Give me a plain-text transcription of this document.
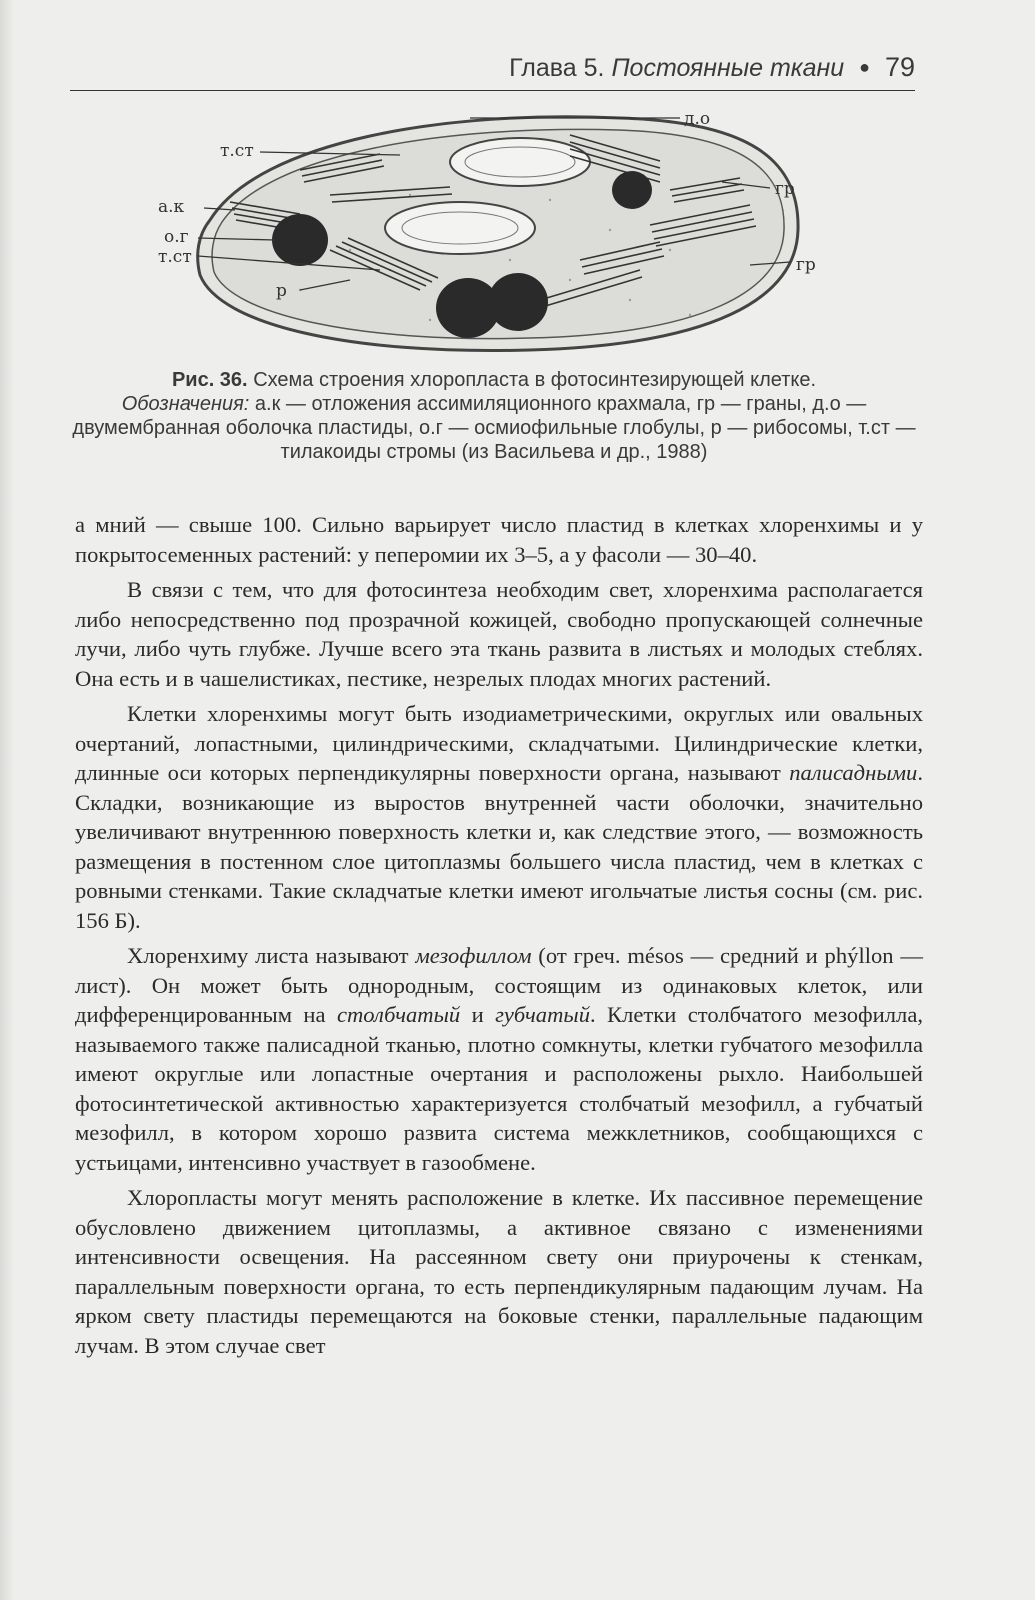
Глава 5. Постоянные ткани ● 79
т.ст
а.к
о.г
т.ст
р
д.о
гр
гр
Рис. 36. Схема строения хлоропласта в фотосинтезирующей клетке.
Обозначения: а.к — отложения ассимиляционного крахмала, гр — граны, д.о — двумембранная оболочка пластиды, о.г — осмиофильные глобулы, р — рибосомы, т.ст — тилакоиды стромы (из Васильева и др., 1988)

а мний — свыше 100. Сильно варьирует число пластид в клетках хлоренхимы и у покрытосеменных растений: у пеперомии их 3–5, а у фасоли — 30–40.

В связи с тем, что для фотосинтеза необходим свет, хлоренхима располагается либо непосредственно под прозрачной кожицей, свободно пропускающей солнечные лучи, либо чуть глубже. Лучше всего эта ткань развита в листьях и молодых стеблях. Она есть и в чашелистиках, пестике, незрелых плодах многих растений.

Клетки хлоренхимы могут быть изодиаметрическими, округлых или овальных очертаний, лопастными, цилиндрическими, складчатыми. Цилиндрические клетки, длинные оси которых перпендикулярны поверхности органа, называют палисадными. Складки, возникающие из выростов внутренней части оболочки, значительно увеличивают внутреннюю поверхность клетки и, как следствие этого, — возможность размещения в постенном слое цитоплазмы большего числа пластид, чем в клетках с ровными стенками. Такие складчатые клетки имеют игольчатые листья сосны (см. рис. 156 Б).

Хлоренхиму листа называют мезофиллом (от греч. mésos — средний и phýllon — лист). Он может быть однородным, состоящим из одинаковых клеток, или дифференцированным на столбчатый и губчатый. Клетки столбчатого мезофилла, называемого также палисадной тканью, плотно сомкнуты, клетки губчатого мезофилла имеют округлые или лопастные очертания и расположены рыхло. Наибольшей фотосинтетической активностью характеризуется столбчатый мезофилл, а губчатый мезофилл, в котором хорошо развита система межклетников, сообщающихся с устьицами, интенсивно участвует в газообмене.

Хлоропласты могут менять расположение в клетке. Их пассивное перемещение обусловлено движением цитоплазмы, а активное связано с изменениями интенсивности освещения. На рассеянном свету они приурочены к стенкам, параллельным поверхности органа, то есть перпендикулярным падающим лучам. На ярком свету пластиды перемещаются на боковые стенки, параллельные падающим лучам. В этом случае свет
